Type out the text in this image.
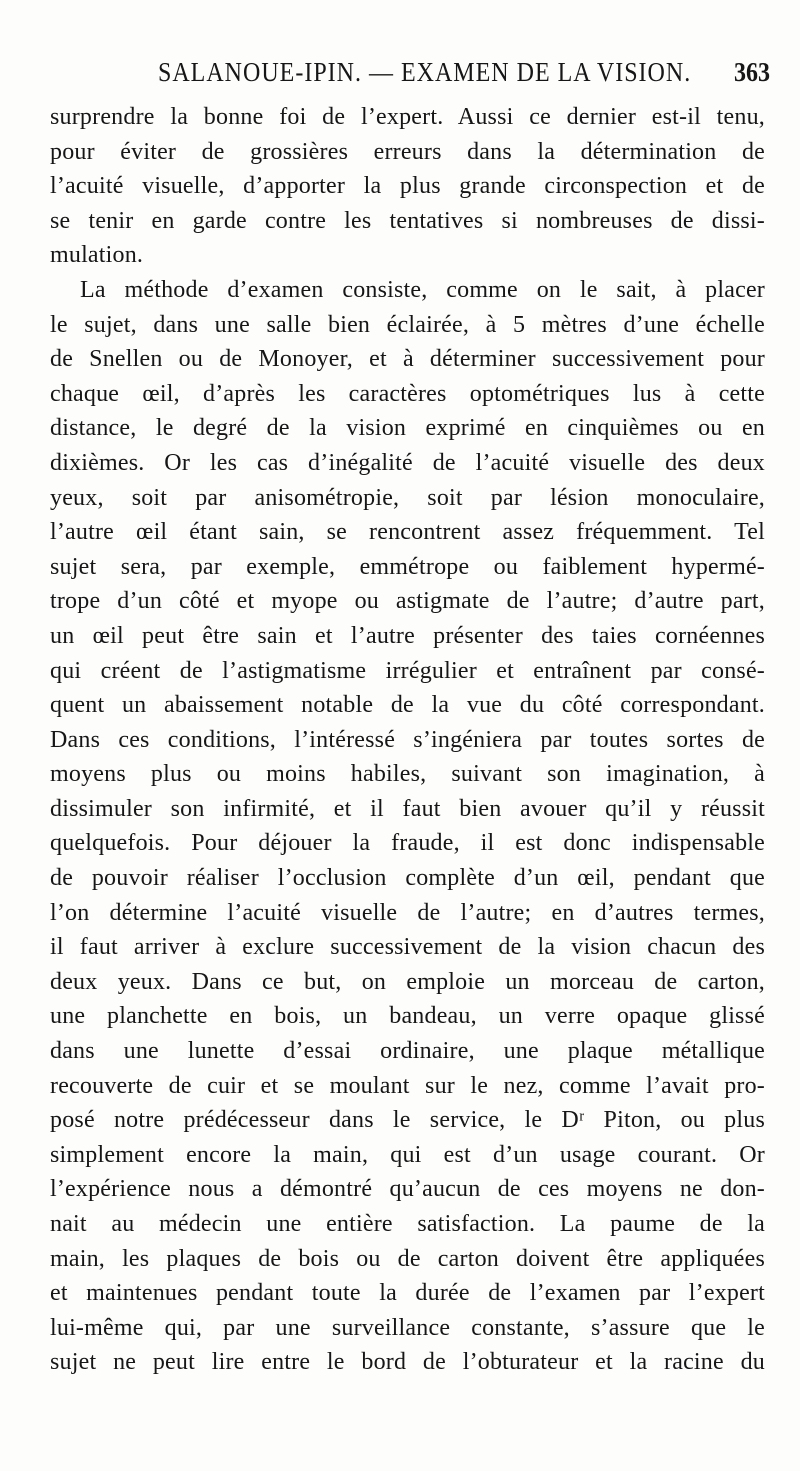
SALANOUE-IPIN. — EXAMEN DE LA VISION. 363
surprendre la bonne foi de l’expert. Aussi ce dernier est-il tenu,
pour éviter de grossières erreurs dans la détermination de
l’acuité visuelle, d’apporter la plus grande circonspection et de
se tenir en garde contre les tentatives si nombreuses de dissi-
mulation.
La méthode d’examen consiste, comme on le sait, à placer
le sujet, dans une salle bien éclairée, à 5 mètres d’une échelle
de Snellen ou de Monoyer, et à déterminer successivement pour
chaque œil, d’après les caractères optométriques lus à cette
distance, le degré de la vision exprimé en cinquièmes ou en
dixièmes. Or les cas d’inégalité de l’acuité visuelle des deux
yeux, soit par anisométropie, soit par lésion monoculaire,
l’autre œil étant sain, se rencontrent assez fréquemment. Tel
sujet sera, par exemple, emmétrope ou faiblement hypermé-
trope d’un côté et myope ou astigmate de l’autre; d’autre part,
un œil peut être sain et l’autre présenter des taies cornéennes
qui créent de l’astigmatisme irrégulier et entraînent par consé-
quent un abaissement notable de la vue du côté correspondant.
Dans ces conditions, l’intéressé s’ingéniera par toutes sortes de
moyens plus ou moins habiles, suivant son imagination, à
dissimuler son infirmité, et il faut bien avouer qu’il y réussit
quelquefois. Pour déjouer la fraude, il est donc indispensable
de pouvoir réaliser l’occlusion complète d’un œil, pendant que
l’on détermine l’acuité visuelle de l’autre; en d’autres termes,
il faut arriver à exclure successivement de la vision chacun des
deux yeux. Dans ce but, on emploie un morceau de carton,
une planchette en bois, un bandeau, un verre opaque glissé
dans une lunette d’essai ordinaire, une plaque métallique
recouverte de cuir et se moulant sur le nez, comme l’avait pro-
posé notre prédécesseur dans le service, le Dʳ Piton, ou plus
simplement encore la main, qui est d’un usage courant. Or
l’expérience nous a démontré qu’aucun de ces moyens ne don-
nait au médecin une entière satisfaction. La paume de la
main, les plaques de bois ou de carton doivent être appliquées
et maintenues pendant toute la durée de l’examen par l’expert
lui-même qui, par une surveillance constante, s’assure que le
sujet ne peut lire entre le bord de l’obturateur et la racine du
